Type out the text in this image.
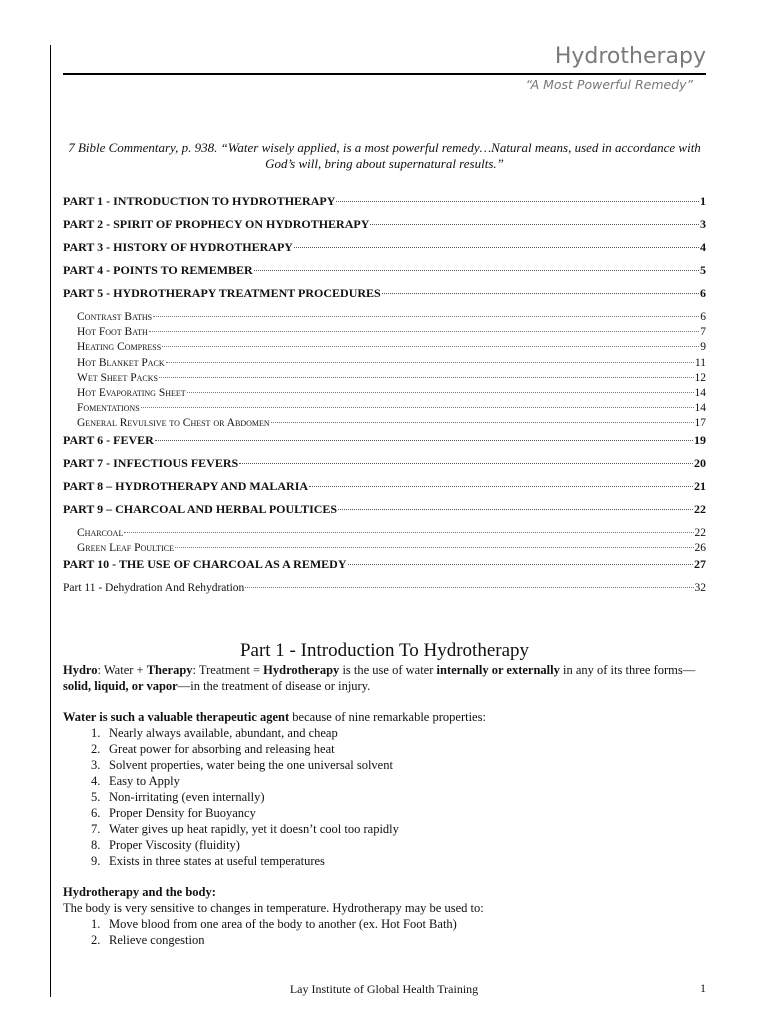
Hydrotherapy
“A Most Powerful Remedy”
7 Bible Commentary, p. 938. “Water wisely applied, is a most powerful remedy…Natural means, used in accordance with God’s will, bring about supernatural results.”
PART 1 - INTRODUCTION TO HYDROTHERAPY	1
PART 2 - SPIRIT OF PROPHECY ON HYDROTHERAPY	3
PART 3 - HISTORY OF HYDROTHERAPY	4
PART 4 - POINTS TO REMEMBER	5
PART 5 - HYDROTHERAPY TREATMENT PROCEDURES	6
Contrast Baths	6
Hot Foot Bath	7
Heating Compress	9
Hot Blanket Pack	11
Wet Sheet Packs	12
Hot Evaporating Sheet	14
Fomentations	14
General Revulsive to Chest or Abdomen	17
PART 6 - FEVER	19
PART 7 - INFECTIOUS FEVERS	20
PART 8 – HYDROTHERAPY AND MALARIA	21
PART 9 – CHARCOAL AND HERBAL POULTICES	22
Charcoal	22
Green Leaf Poultice	26
PART 10 - THE USE OF CHARCOAL AS A REMEDY	27
Part 11 - Dehydration And Rehydration	32
Part 1 - Introduction To Hydrotherapy

Hydro: Water + Therapy: Treatment = Hydrotherapy is the use of water internally or externally in any of its three forms—solid, liquid, or vapor—in the treatment of disease or injury.

Water is such a valuable therapeutic agent because of nine remarkable properties:

1. Nearly always available, abundant, and cheap
2. Great power for absorbing and releasing heat
3. Solvent properties, water being the one universal solvent
4. Easy to Apply
5. Non-irritating (even internally)
6. Proper Density for Buoyancy
7. Water gives up heat rapidly, yet it doesn’t cool too rapidly
8. Proper Viscosity (fluidity)
9. Exists in three states at useful temperatures

Hydrotherapy and the body:

The body is very sensitive to changes in temperature. Hydrotherapy may be used to:

1. Move blood from one area of the body to another (ex. Hot Foot Bath)
2. Relieve congestion
Lay Institute of Global Health Training	1
